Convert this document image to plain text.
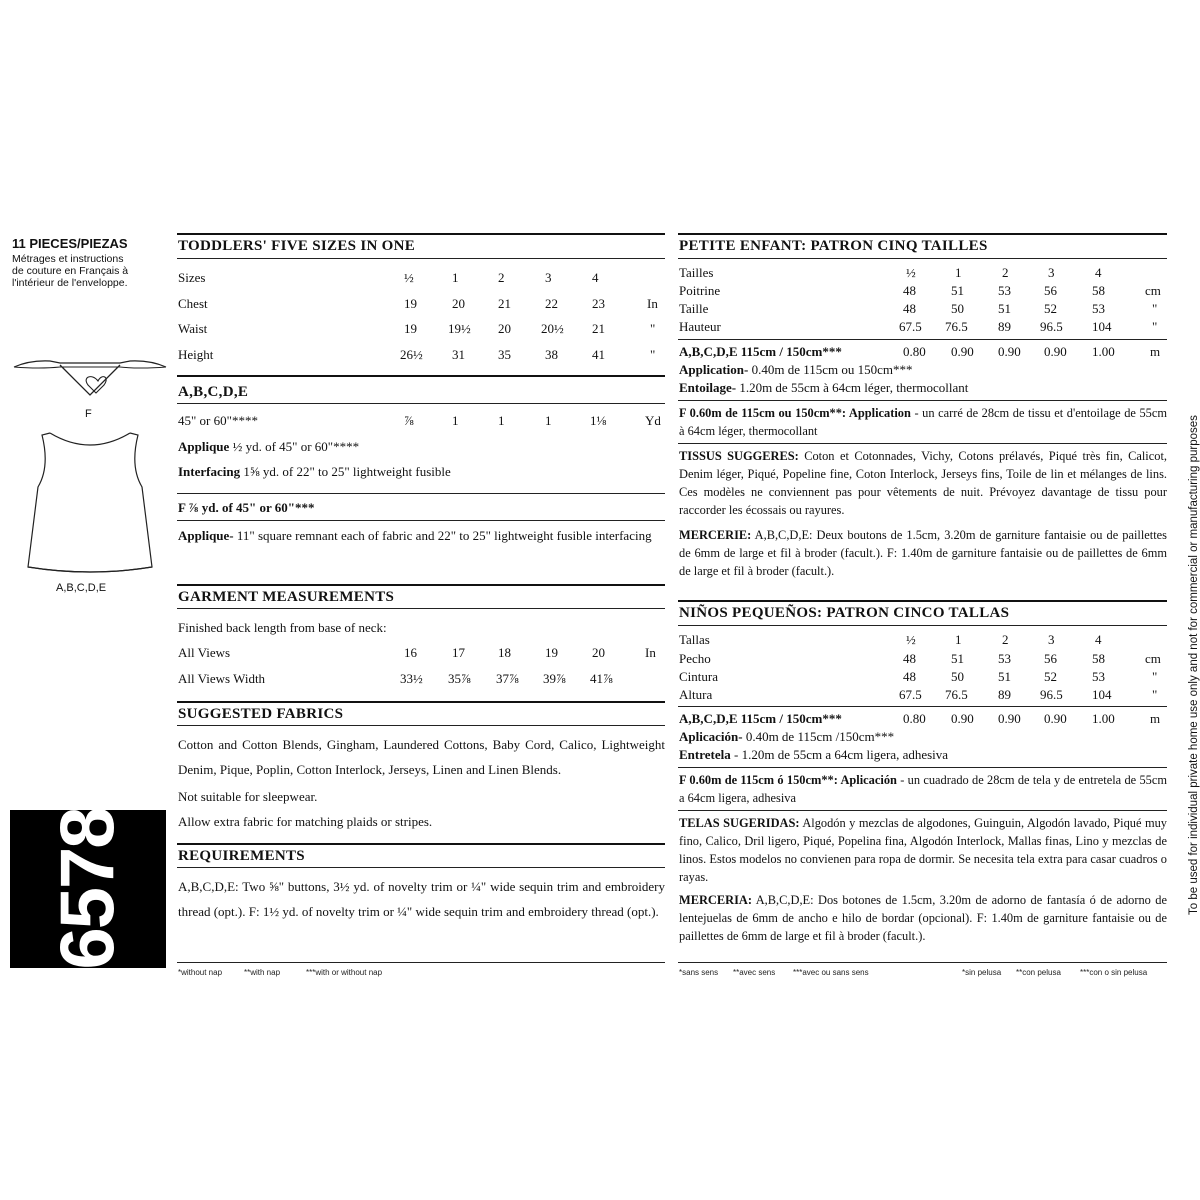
11 PIECES/PIEZAS
Métrages et instructions
de couture en Français à
l'intérieur de l'enveloppe.
F
A,B,C,D,E
6578
TODDLERS' FIVE SIZES IN ONE
Sizes	½	1	2	3	4
Chest	19	20	21	22	23	In
Waist	19 19½ 20 20½ 21	"
Height	26½ 31	35	38	41	"
A,B,C,D,E
45" or 60"****	⅞	1	1	1	1⅛	Yd
Applique ½ yd. of 45" or 60"****
Interfacing 1⅝ yd. of 22" to 25" lightweight fusible
F ⅞ yd. of 45" or 60"***
Applique- 11" square remnant each of fabric and 22" to 25" lightweight fusible interfacing
GARMENT MEASUREMENTS
Finished back length from base of neck:
All Views	16	17	18	19	20	In
All Views Width	33½ 35⅞ 37⅞ 39⅞ 41⅞
SUGGESTED FABRICS
Cotton and Cotton Blends, Gingham, Laundered Cottons, Baby Cord, Calico, Lightweight Denim, Pique, Poplin, Cotton Interlock, Jerseys, Linen and Linen Blends.
Not suitable for sleepwear.
Allow extra fabric for matching plaids or stripes.
REQUIREMENTS
A,B,C,D,E: Two ⅝" buttons, 3½ yd. of novelty trim or ¼" wide sequin trim and embroidery thread (opt.). F: 1½ yd. of novelty trim or ¼" wide sequin trim and embroidery thread (opt.).
*without nap	**with nap	***with or without nap
PETITE ENFANT: PATRON CINQ TAILLES
Tailles	½	1	2	3	4
Poitrine	48	51	53	56	58	cm
Taille	48	50	51	52	53	"
Hauteur	67.5 76.5 89 96.5 104	"
A,B,C,D,E 115cm / 150cm***	0.80 0.90 0.90 0.90 1.00	m
Application- 0.40m de 115cm ou 150cm***
Entoilage- 1.20m de 55cm à 64cm léger, thermocollant
F 0.60m de 115cm ou 150cm**: Application - un carré de 28cm de tissu et d'entoilage de 55cm à 64cm léger, thermocollant
TISSUS SUGGERES: Coton et Cotonnades, Vichy, Cotons prélavés, Piqué très fin, Calicot, Denim léger, Piqué, Popeline fine, Coton Interlock, Jerseys fins, Toile de lin et mélanges de lins. Ces modèles ne conviennent pas pour vêtements de nuit. Prévoyez davantage de tissu pour raccorder les écossais ou rayures.
MERCERIE: A,B,C,D,E: Deux boutons de 1.5cm, 3.20m de garniture fantaisie ou de paillettes de 6mm de large et fil à broder (facult.). F: 1.40m de garniture fantaisie ou de paillettes de 6mm de large et fil à broder (facult.).
NIÑOS PEQUEÑOS: PATRON CINCO TALLAS
Tallas	½	1	2	3	4
Pecho	48	51	53	56	58	cm
Cintura	48	50	51	52	53	"
Altura	67.5 76.5 89 96.5 104	"
A,B,C,D,E 115cm / 150cm***	0.80 0.90 0.90 0.90 1.00	m
Aplicación- 0.40m de 115cm /150cm***
Entretela - 1.20m de 55cm a 64cm ligera, adhesiva
F 0.60m de 115cm ó 150cm**: Aplicación - un cuadrado de 28cm de tela y de entretela de 55cm a 64cm ligera, adhesiva
TELAS SUGERIDAS: Algodón y mezclas de algodones, Guinguin, Algodón lavado, Piqué muy fino, Calico, Dril ligero, Piqué, Popelina fina, Algodón Interlock, Mallas finas, Lino y mezclas de linos. Estos modelos no convienen para ropa de dormir. Se necesita tela extra para casar cuadros o rayas.
MERCERIA: A,B,C,D,E: Dos botones de 1.5cm, 3.20m de adorno de fantasía ó de adorno de lentejuelas de 6mm de ancho e hilo de bordar (opcional). F: 1.40m de garniture fantaisie ou de paillettes de 6mm de large et fil à broder (facult.).
*sans sens **avec sens ***avec ou sans sens	*sin pelusa **con pelusa ***con o sin pelusa
To be used for individual private home use only and not for commercial or manufacturing purposes
